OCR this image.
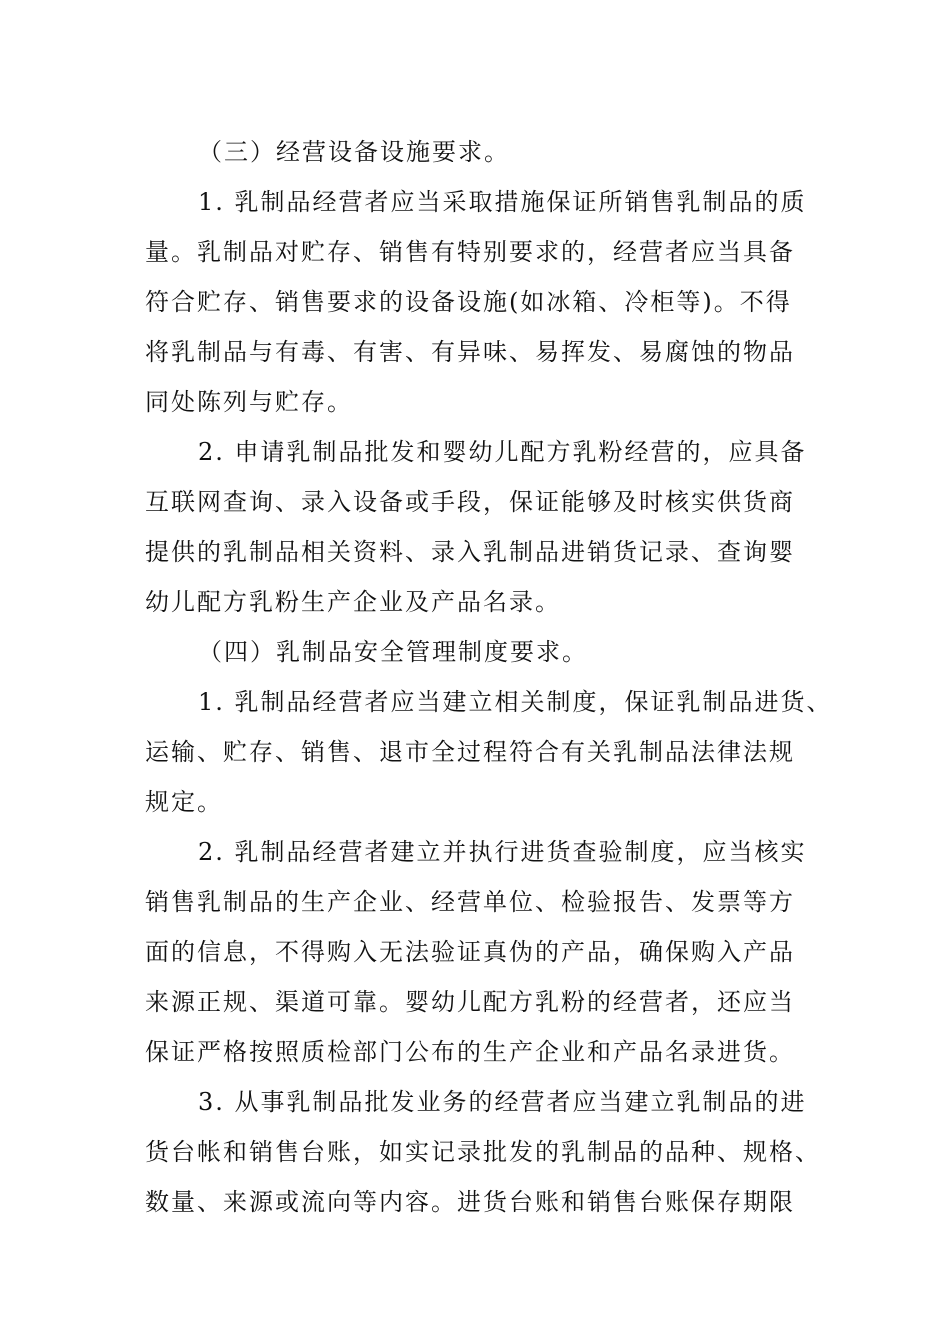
（三）经营设备设施要求。
1. 乳制品经营者应当采取措施保证所销售乳制品的质
量。乳制品对贮存、销售有特别要求的，经营者应当具备
符合贮存、销售要求的设备设施(如冰箱、冷柜等)。不得
将乳制品与有毒、有害、有异味、易挥发、易腐蚀的物品
同处陈列与贮存。
2. 申请乳制品批发和婴幼儿配方乳粉经营的，应具备
互联网查询、录入设备或手段，保证能够及时核实供货商
提供的乳制品相关资料、录入乳制品进销货记录、查询婴
幼儿配方乳粉生产企业及产品名录。
（四）乳制品安全管理制度要求。
1. 乳制品经营者应当建立相关制度，保证乳制品进货、
运输、贮存、销售、退市全过程符合有关乳制品法律法规
规定。
2. 乳制品经营者建立并执行进货查验制度，应当核实
销售乳制品的生产企业、经营单位、检验报告、发票等方
面的信息，不得购入无法验证真伪的产品，确保购入产品
来源正规、渠道可靠。婴幼儿配方乳粉的经营者，还应当
保证严格按照质检部门公布的生产企业和产品名录进货。
3. 从事乳制品批发业务的经营者应当建立乳制品的进
货台帐和销售台账，如实记录批发的乳制品的品种、规格、
数量、来源或流向等内容。进货台账和销售台账保存期限
